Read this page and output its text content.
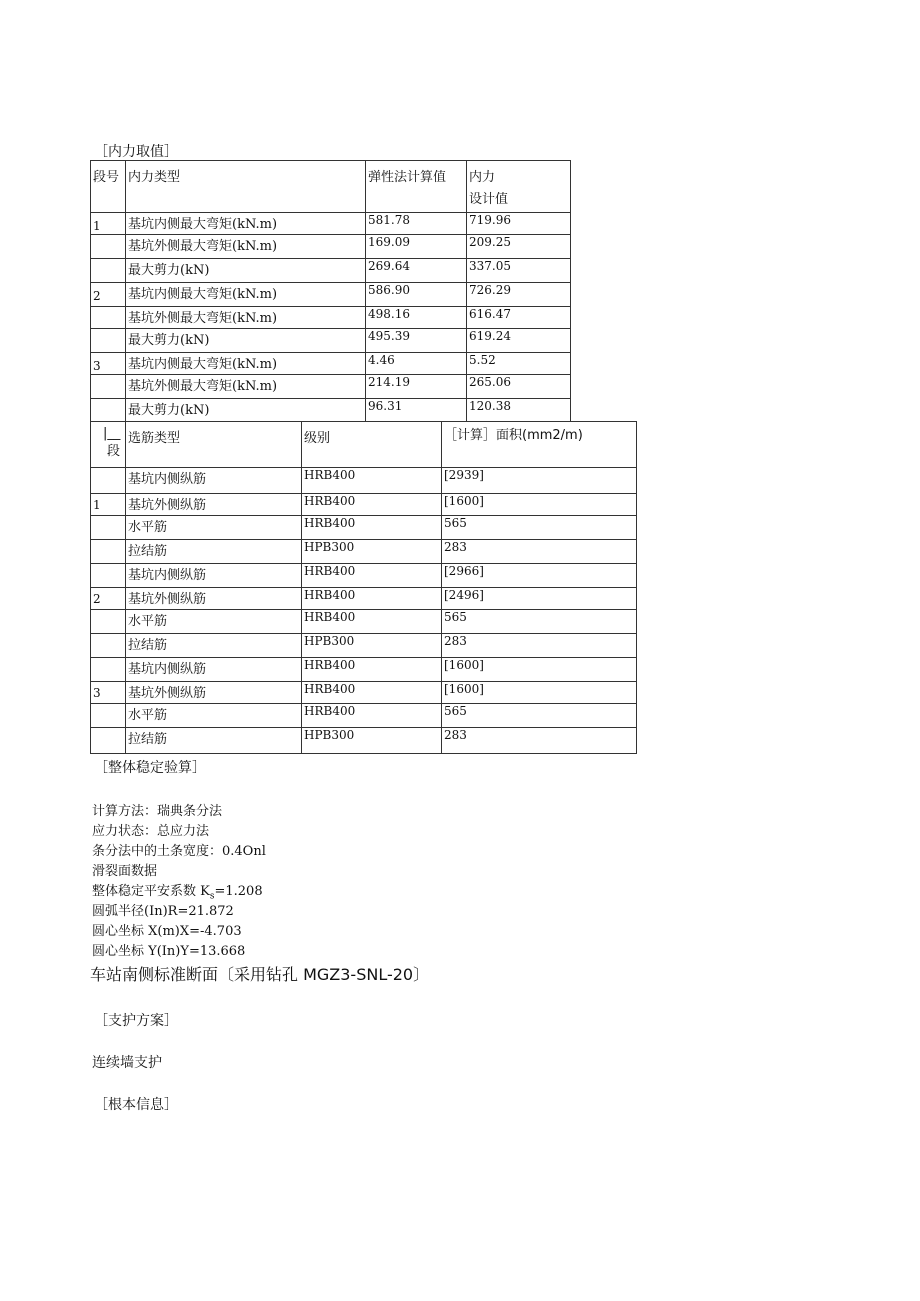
［内力取值］
段号	内力类型	弹性法计算值	内力
设计值

1	基坑内侧最大弯矩(kN.m)	581.78	719.96
	基坑外侧最大弯矩(kN.m)	169.09	209.25
	最大剪力(kN)	269.64	337.05
2	基坑内侧最大弯矩(kN.m)	586.90	726.29
	基坑外侧最大弯矩(kN.m)	498.16	616.47
	最大剪力(kN)	495.39	619.24
3	基坑内侧最大弯矩(kN.m)	4.46	5.52
	基坑外侧最大弯矩(kN.m)	214.19	265.06
	最大剪力(kN)	96.31	120.38
|__
段	选筋类型	级别	［计算］面积(mm2/m)
	基坑内侧纵筋	HRB400	[2939]
1	基坑外侧纵筋	HRB400	[1600]
	水平筋	HRB400	565
	拉结筋	HPB300	283
	基坑内侧纵筋	HRB400	[2966]
2	基坑外侧纵筋	HRB400	[2496]
	水平筋	HRB400	565
	拉结筋	HPB300	283
	基坑内侧纵筋	HRB400	[1600]
3	基坑外侧纵筋	HRB400	[1600]
	水平筋	HRB400	565
	拉结筋	HPB300	283
［整体稳定验算］
计算方法：瑞典条分法
应力状态：总应力法
条分法中的土条宽度：0.4Onl
滑裂面数据
整体稳定平安系数 $K_s=1.208$
圆弧半径(In)R=21.872
圆心坐标 X(m)X=-4.703
圆心坐标 Y(In)Y=13.668
车站南侧标准断面〔采用钻孔 MGZ3-SNL-20〕
［支护方案］
连续墙支护
［根本信息］
